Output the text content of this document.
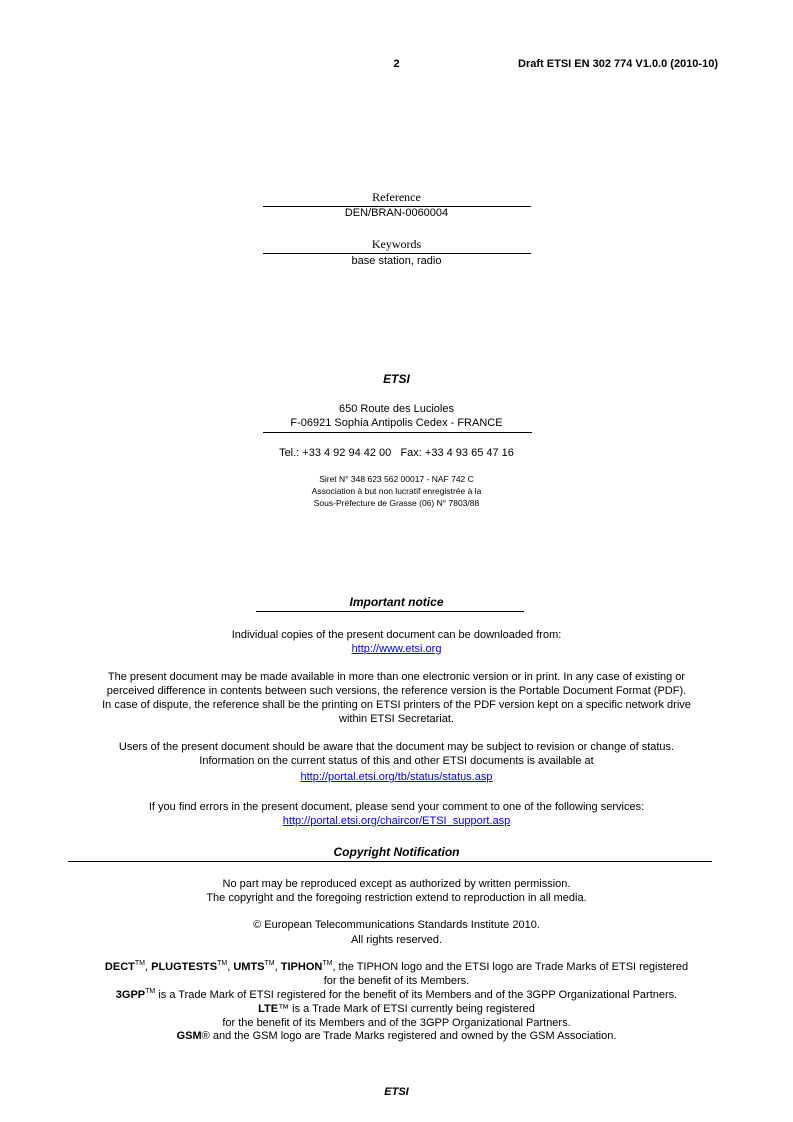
2	Draft ETSI EN 302 774 V1.0.0 (2010-10)
Reference
DEN/BRAN-0060004
Keywords
base station, radio
ETSI
650 Route des Lucioles
F-06921 Sophia Antipolis Cedex - FRANCE
Tel.: +33 4 92 94 42 00   Fax: +33 4 93 65 47 16
Siret N° 348 623 562 00017 - NAF 742 C
Association à but non lucratif enregistrée à la
Sous-Préfecture de Grasse (06) N° 7803/88
Important notice
Individual copies of the present document can be downloaded from:
http://www.etsi.org
The present document may be made available in more than one electronic version or in print. In any case of existing or
perceived difference in contents between such versions, the reference version is the Portable Document Format (PDF).
In case of dispute, the reference shall be the printing on ETSI printers of the PDF version kept on a specific network drive
within ETSI Secretariat.
Users of the present document should be aware that the document may be subject to revision or change of status.
Information on the current status of this and other ETSI documents is available at
http://portal.etsi.org/tb/status/status.asp
If you find errors in the present document, please send your comment to one of the following services:
http://portal.etsi.org/chaircor/ETSI_support.asp
Copyright Notification
No part may be reproduced except as authorized by written permission.
The copyright and the foregoing restriction extend to reproduction in all media.
© European Telecommunications Standards Institute 2010.
All rights reserved.
DECT™, PLUGTESTS™, UMTS™, TIPHON™, the TIPHON logo and the ETSI logo are Trade Marks of ETSI registered
for the benefit of its Members.
3GPP™ is a Trade Mark of ETSI registered for the benefit of its Members and of the 3GPP Organizational Partners.
LTE™ is a Trade Mark of ETSI currently being registered
for the benefit of its Members and of the 3GPP Organizational Partners.
GSM® and the GSM logo are Trade Marks registered and owned by the GSM Association.
ETSI
